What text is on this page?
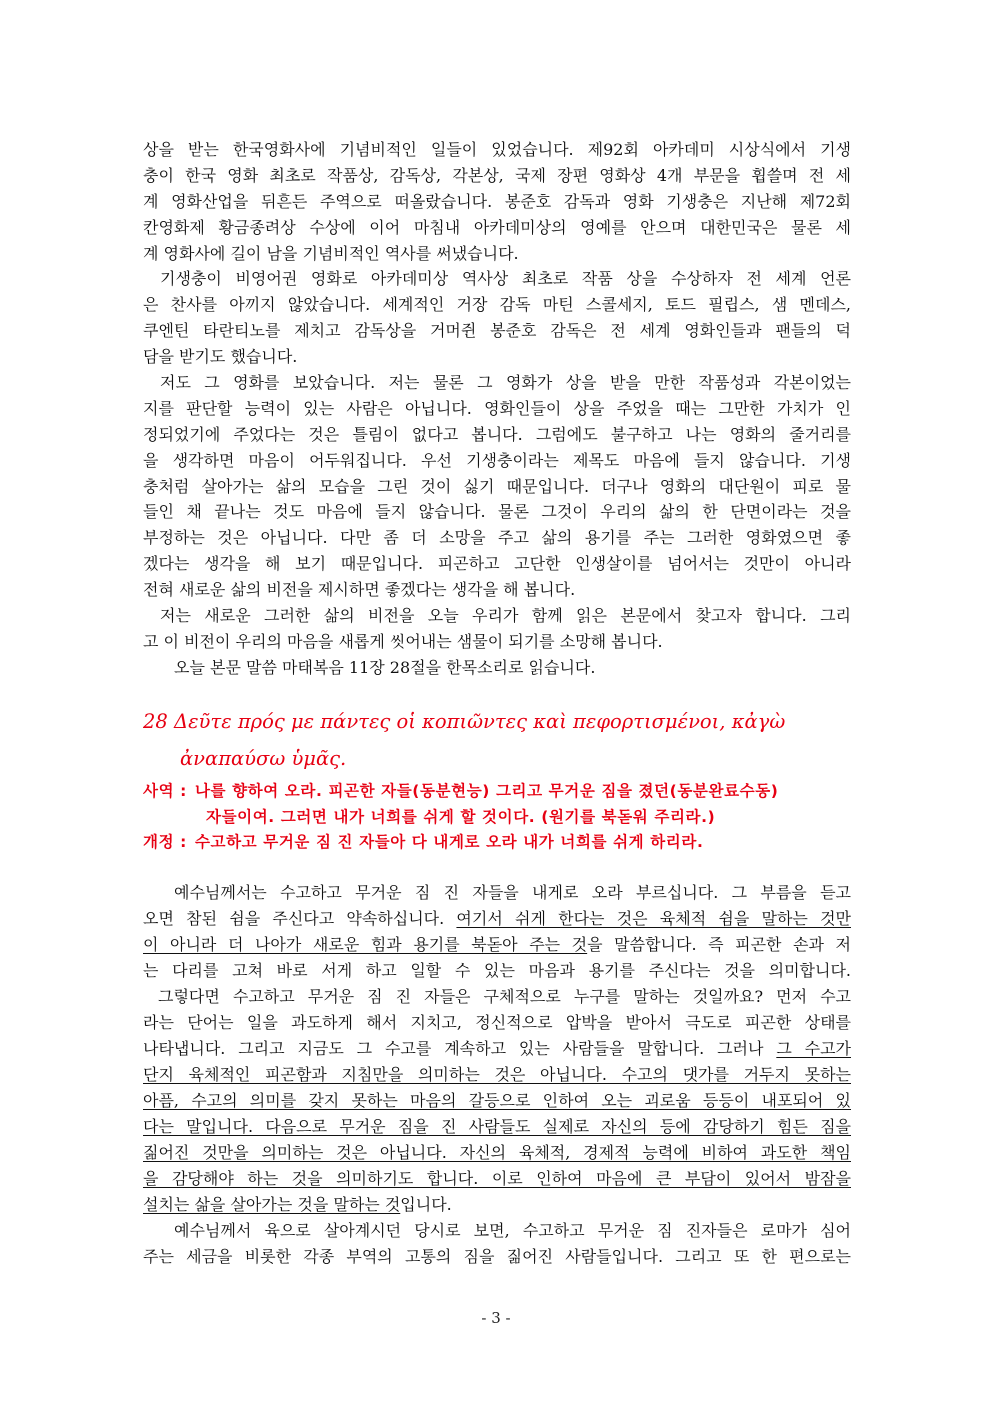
상을 받는 한국영화사에 기념비적인 일들이 있었습니다. 제92회 아카데미 시상식에서 기생
충이 한국 영화 최초로 작품상, 감독상, 각본상, 국제 장편 영화상 4개 부문을 휩쓸며 전 세
계 영화산업을 뒤흔든 주역으로 떠올랐습니다. 봉준호 감독과 영화 기생충은 지난해 제72회
칸영화제 황금종려상 수상에 이어 마침내 아카데미상의 영예를 안으며 대한민국은 물론 세
계 영화사에 길이 남을 기념비적인 역사를 써냈습니다.
기생충이 비영어권 영화로 아카데미상 역사상 최초로 작품 상을 수상하자 전 세계 언론
은 찬사를 아끼지 않았습니다. 세계적인 거장 감독 마틴 스콜세지, 토드 필립스, 샘 멘데스,
쿠엔틴 타란티노를 제치고 감독상을 거머쥔 봉준호 감독은 전 세계 영화인들과 팬들의 덕
담을 받기도 했습니다.
저도 그 영화를 보았습니다. 저는 물론 그 영화가 상을 받을 만한 작품성과 각본이었는
지를 판단할 능력이 있는 사람은 아닙니다. 영화인들이 상을 주었을 때는 그만한 가치가 인
정되었기에 주었다는 것은 틀림이 없다고 봅니다. 그럼에도 불구하고 나는 영화의 줄거리를
을 생각하면 마음이 어두워집니다. 우선 기생충이라는 제목도 마음에 들지 않습니다. 기생
충처럼 살아가는 삶의 모습을 그린 것이 싫기 때문입니다. 더구나 영화의 대단원이 피로 물
들인 채 끝나는 것도 마음에 들지 않습니다. 물론 그것이 우리의 삶의 한 단면이라는 것을
부정하는 것은 아닙니다. 다만 좀 더 소망을 주고 삶의 용기를 주는 그러한 영화였으면 좋
겠다는 생각을 해 보기 때문입니다. 피곤하고 고단한 인생살이를 넘어서는 것만이 아니라
전혀 새로운 삶의 비전을 제시하면 좋겠다는 생각을 해 봅니다.
저는 새로운 그러한 삶의 비전을 오늘 우리가 함께 읽은 본문에서 찾고자 합니다. 그리
고 이 비전이 우리의 마음을 새롭게 씻어내는 샘물이 되기를 소망해 봅니다.
오늘 본문 말씀 마태복음 11장 28절을 한목소리로 읽습니다.
28 Δεῦτε πρός με πάντες οἱ κοπιῶντες καὶ πεφορτισμένοι, κἀγὼ
ἀναπαύσω ὑμᾶς.
사역 : 나를 향하여 오라. 피곤한 자들(동분현능) 그리고 무거운 짐을 졌던(동분완료수동)
자들이여. 그러면 내가 너희를 쉬게 할 것이다. (원기를 북돋워 주리라.)
개정 : 수고하고 무거운 짐 진 자들아 다 내게로 오라 내가 너희를 쉬게 하리라.
예수님께서는 수고하고 무거운 짐 진 자들을 내게로 오라 부르십니다. 그 부름을 듣고
오면 참된 쉼을 주신다고 약속하십니다. 여기서 쉬게 한다는 것은 육체적 쉼을 말하는 것만
이 아니라 더 나아가 새로운 힘과 용기를 북돋아 주는 것을 말씀합니다. 즉 피곤한 손과 저
는 다리를 고쳐 바로 서게 하고 일할 수 있는 마음과 용기를 주신다는 것을 의미합니다.
그렇다면 수고하고 무거운 짐 진 자들은 구체적으로 누구를 말하는 것일까요? 먼저 수고
라는 단어는 일을 과도하게 해서 지치고, 정신적으로 압박을 받아서 극도로 피곤한 상태를
나타냅니다. 그리고 지금도 그 수고를 계속하고 있는 사람들을 말합니다. 그러나 그 수고가
단지 육체적인 피곤함과 지침만을 의미하는 것은 아닙니다. 수고의 댓가를 거두지 못하는
아픔, 수고의 의미를 갖지 못하는 마음의 갈등으로 인하여 오는 괴로움 등등이 내포되어 있
다는 말입니다. 다음으로 무거운 짐을 진 사람들도 실제로 자신의 등에 감당하기 힘든 짐을
짊어진 것만을 의미하는 것은 아닙니다. 자신의 육체적, 경제적 능력에 비하여 과도한 책임
을 감당해야 하는 것을 의미하기도 합니다. 이로 인하여 마음에 큰 부담이 있어서 밤잠을
설치는 삶을 살아가는 것을 말하는 것입니다.
예수님께서 육으로 살아계시던 당시로 보면, 수고하고 무거운 짐 진자들은 로마가 심어
주는 세금을 비롯한 각종 부역의 고통의 짐을 짊어진 사람들입니다. 그리고 또 한 편으로는
- 3 -
